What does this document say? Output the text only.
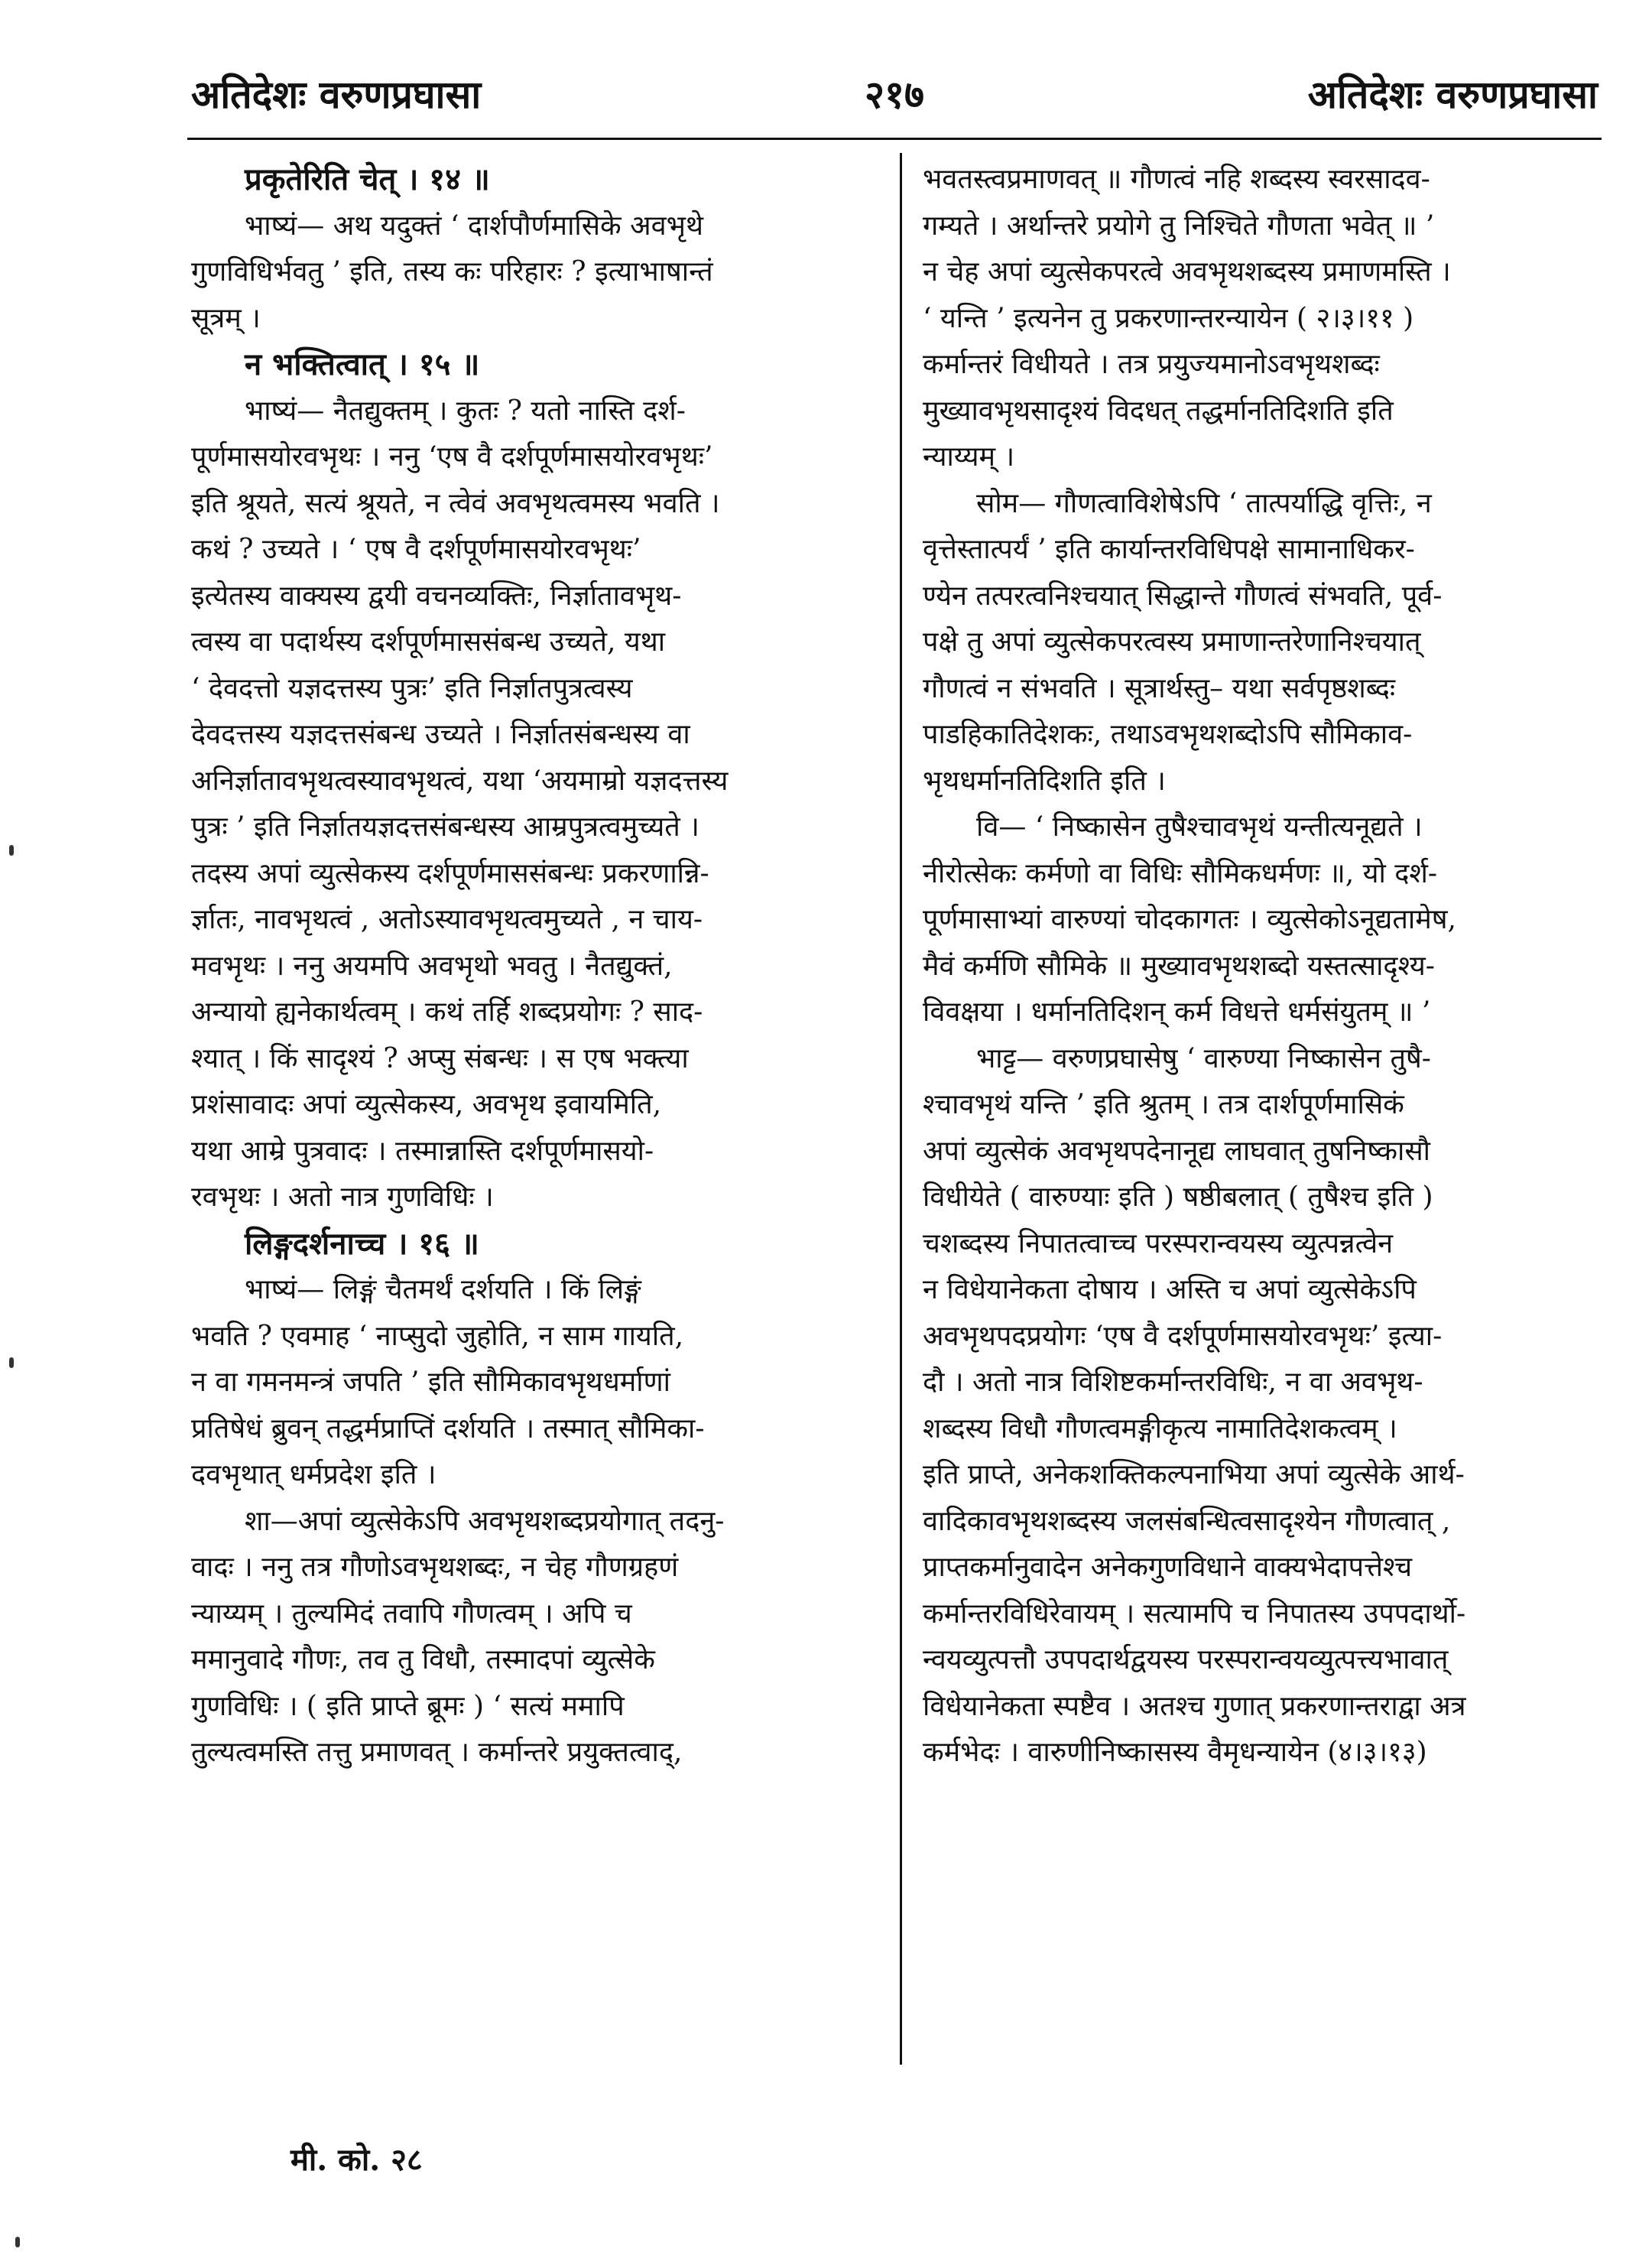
अतिदेशः वरुणप्रघासा	२१७	अतिदेशः वरुणप्रघासा

प्रकृतेरिति चेत् । १४ ॥

भाष्यं— अथ यदुक्तं ‘ दार्शपौर्णमासिके अवभृथे
गुणविधिर्भवतु ’ इति, तस्य कः परिहारः ? इत्याभाषान्तं
सूत्रम् ।

न भक्तित्वात् । १५ ॥

भाष्यं— नैतद्युक्तम् । कुतः ? यतो नास्ति दर्श-
पूर्णमासयोरवभृथः । ननु ‘एष वै दर्शपूर्णमासयोरवभृथः’
इति श्रूयते, सत्यं श्रूयते, न त्वेवं अवभृथत्वमस्य भवति ।
कथं ? उच्यते । ‘ एष वै दर्शपूर्णमासयोरवभृथः’
इत्येतस्य वाक्यस्य द्वयी वचनव्यक्तिः, निर्ज्ञातावभृथ-
त्वस्य वा पदार्थस्य दर्शपूर्णमाससंबन्ध उच्यते, यथा
‘ देवदत्तो यज्ञदत्तस्य पुत्रः’ इति निर्ज्ञातपुत्रत्वस्य
देवदत्तस्य यज्ञदत्तसंबन्ध उच्यते । निर्ज्ञातसंबन्धस्य वा
अनिर्ज्ञातावभृथत्वस्यावभृथत्वं, यथा ‘अयमाम्रो यज्ञदत्तस्य
पुत्रः ’ इति निर्ज्ञातयज्ञदत्तसंबन्धस्य आम्रपुत्रत्वमुच्यते ।
तदस्य अपां व्युत्सेकस्य दर्शपूर्णमाससंबन्धः प्रकरणान्नि-
र्ज्ञातः, नावभृथत्वं , अतोऽस्यावभृथत्वमुच्यते , न चाय-
मवभृथः । ननु अयमपि अवभृथो भवतु । नैतद्युक्तं,
अन्यायो ह्यनेकार्थत्वम् । कथं तर्हि शब्दप्रयोगः ? साद-
श्यात् । किं सादृश्यं ? अप्सु संबन्धः । स एष भक्त्या
प्रशंसावादः अपां व्युत्सेकस्य, अवभृथ इवायमिति,
यथा आम्रे पुत्रवादः । तस्मान्नास्ति दर्शपूर्णमासयो-
रवभृथः । अतो नात्र गुणविधिः ।

लिङ्गदर्शनाच्च । १६ ॥

भाष्यं— लिङ्गं चैतमर्थं दर्शयति । किं लिङ्गं
भवति ? एवमाह ‘ नाप्सुदो जुहोति, न साम गायति,
न वा गमनमन्त्रं जपति ’ इति सौमिकावभृथधर्माणां
प्रतिषेधं ब्रुवन् तद्धर्मप्राप्तिं दर्शयति । तस्मात् सौमिका-
दवभृथात् धर्मप्रदेश इति ।

शा—अपां व्युत्सेकेऽपि अवभृथशब्दप्रयोगात् तदनु-
वादः । ननु तत्र गौणोऽवभृथशब्दः, न चेह गौणग्रहणं
न्याय्यम् । तुल्यमिदं तवापि गौणत्वम् । अपि च
ममानुवादे गौणः, तव तु विधौ, तस्मादपां व्युत्सेके
गुणविधिः । ( इति प्राप्ते ब्रूमः ) ‘ सत्यं ममापि
तुल्यत्वमस्ति तत्तु प्रमाणवत् । कर्मान्तरे प्रयुक्तत्वाद्,

भवतस्त्वप्रमाणवत् ॥ गौणत्वं नहि शब्दस्य स्वरसादव-
गम्यते । अर्थान्तरे प्रयोगे तु निश्चिते गौणता भवेत् ॥ ’
न चेह अपां व्युत्सेकपरत्वे अवभृथशब्दस्य प्रमाणमस्ति ।
‘ यन्ति ’ इत्यनेन तु प्रकरणान्तरन्यायेन ( २।३।११ )
कर्मान्तरं विधीयते । तत्र प्रयुज्यमानोऽवभृथशब्दः
मुख्यावभृथसादृश्यं विदधत् तद्धर्मानतिदिशति इति
न्याय्यम् ।

सोम— गौणत्वाविशेषेऽपि ‘ तात्पर्याद्धि वृत्तिः, न
वृत्तेस्तात्पर्यं ’ इति कार्यान्तरविधिपक्षे सामानाधिकर-
ण्येन तत्परत्वनिश्चयात् सिद्धान्ते गौणत्वं संभवति, पूर्व-
पक्षे तु अपां व्युत्सेकपरत्वस्य प्रमाणान्तरेणानिश्चयात्
गौणत्वं न संभवति । सूत्रार्थस्तु– यथा सर्वपृष्ठशब्दः
पाडहिकातिदेशकः, तथाऽवभृथशब्दोऽपि सौमिकाव-
भृथधर्मानतिदिशति इति ।

वि— ‘ निष्कासेन तुषैश्चावभृथं यन्तीत्यनूद्यते ।
नीरोत्सेकः कर्मणो वा विधिः सौमिकधर्मणः ॥, यो दर्श-
पूर्णमासाभ्यां वारुण्यां चोदकागतः । व्युत्सेकोऽनूद्यतामेष,
मैवं कर्मणि सौमिके ॥ मुख्यावभृथशब्दो यस्तत्सादृश्य-
विवक्षया । धर्मानतिदिशन् कर्म विधत्ते धर्मसंयुतम् ॥ ’

भाट्ट— वरुणप्रघासेषु ‘ वारुण्या निष्कासेन तुषै-
श्चावभृथं यन्ति ’ इति श्रुतम् । तत्र दार्शपूर्णमासिकं
अपां व्युत्सेकं अवभृथपदेनानूद्य लाघवात् तुषनिष्कासौ
विधीयेते ( वारुण्याः इति ) षष्ठीबलात् ( तुषैश्च इति )
चशब्दस्य निपातत्वाच्च परस्परान्वयस्य व्युत्पन्नत्वेन
न विधेयानेकता दोषाय । अस्ति च अपां व्युत्सेकेऽपि
अवभृथपदप्रयोगः ‘एष वै दर्शपूर्णमासयोरवभृथः’ इत्या-
दौ । अतो नात्र विशिष्टकर्मान्तरविधिः, न वा अवभृथ-
शब्दस्य विधौ गौणत्वमङ्गीकृत्य नामातिदेशकत्वम् ।
इति प्राप्ते, अनेकशक्तिकल्पनाभिया अपां व्युत्सेके आर्थ-
वादिकावभृथशब्दस्य जलसंबन्धित्वसादृश्येन गौणत्वात् ,
प्राप्तकर्मानुवादेन अनेकगुणविधाने वाक्यभेदापत्तेश्च
कर्मान्तरविधिरेवायम् । सत्यामपि च निपातस्य उपपदार्थो-
न्वयव्युत्पत्तौ उपपदार्थद्वयस्य परस्परान्वयव्युत्पत्त्यभावात्
विधेयानेकता स्पष्टैव । अतश्च गुणात् प्रकरणान्तराद्वा अत्र
कर्मभेदः । वारुणीनिष्कासस्य वैमृधन्यायेन (४।३।१३)

मी. को. २८
